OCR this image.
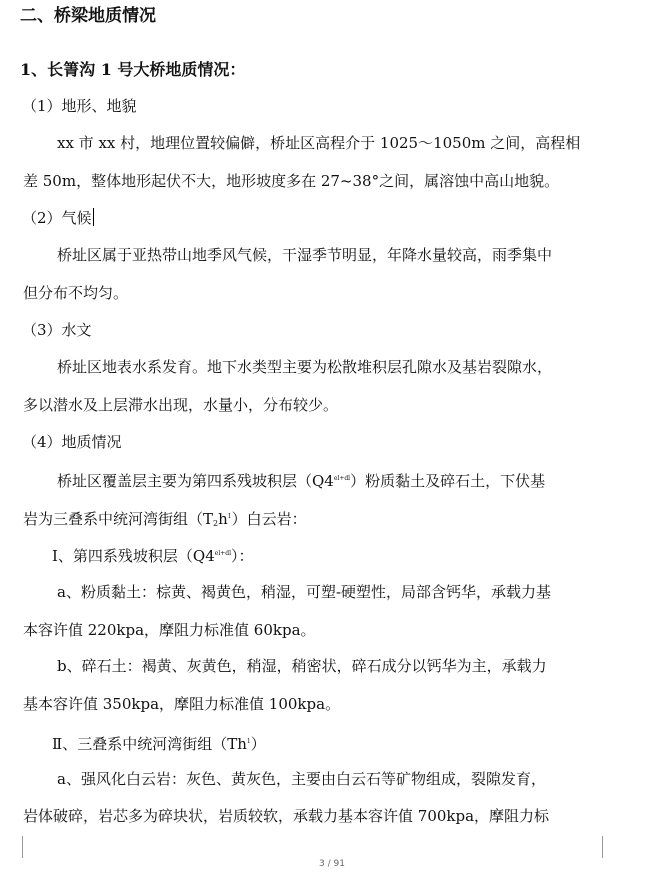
二、桥梁地质情况
1、长箐沟 1 号大桥地质情况：
（1）地形、地貌
xx 市 xx 村，地理位置较偏僻，桥址区高程介于 1025～1050m 之间，高程相
差 50m，整体地形起伏不大，地形坡度多在 27~38°之间，属溶蚀中高山地貌。
（2）气候
桥址区属于亚热带山地季风气候，干湿季节明显，年降水量较高，雨季集中
但分布不均匀。
（3）水文
桥址区地表水系发育。地下水类型主要为松散堆积层孔隙水及基岩裂隙水，
多以潜水及上层滞水出现，水量小，分布较少。
（4）地质情况
桥址区覆盖层主要为第四系残坡积层$(Q4^{el+dl})$粉质黏土及碎石土，下伏基
岩为三叠系中统河湾街组$(T_2h^1)$白云岩：
Ⅰ、第四系残坡积层$(Q4^{el+dl})$：
a、粉质黏土：棕黄、褐黄色，稍湿，可塑-硬塑性，局部含钙华，承载力基
本容许值 220kpa，摩阻力标准值 60kpa。
b、碎石土：褐黄、灰黄色，稍湿，稍密状，碎石成分以钙华为主，承载力
基本容许值 350kpa，摩阻力标准值 100kpa。
Ⅱ、三叠系中统河湾街组（Th$^1$）
a、强风化白云岩：灰色、黄灰色，主要由白云石等矿物组成，裂隙发育，
岩体破碎，岩芯多为碎块状，岩质较软，承载力基本容许值 700kpa，摩阻力标
3 / 91
